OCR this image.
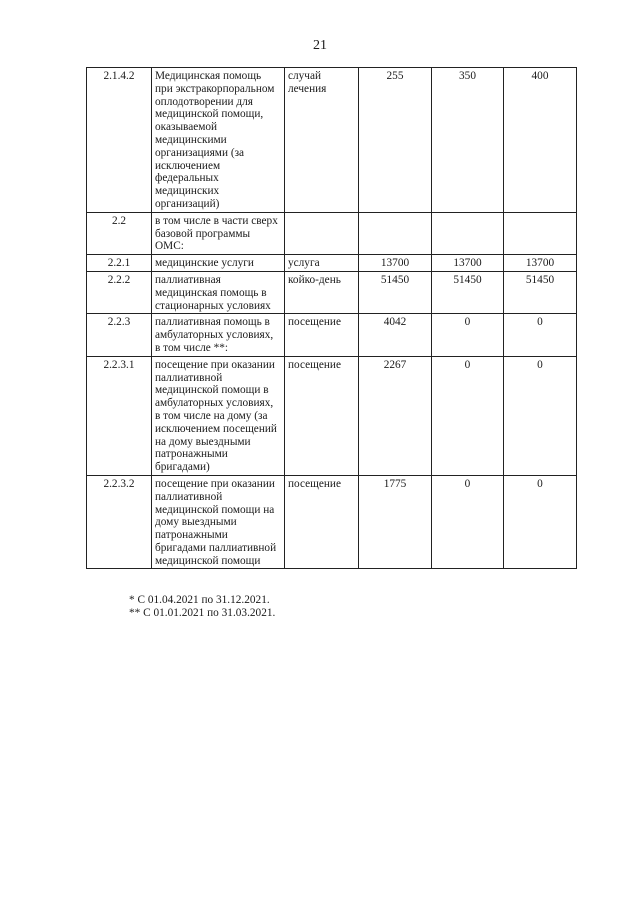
21
2.1.4.2	Медицинская помощь при экстракорпоральном оплодотворении для медицинской помощи, оказываемой медицинскими организациями (за исключением федеральных медицинских организаций)	случай лечения	255	350	400
2.2	в том числе в части сверх базовой программы ОМС:				
2.2.1	медицинские услуги	услуга	13700	13700	13700
2.2.2	паллиативная медицинская помощь в стационарных условиях	койко-день	51450	51450	51450
2.2.3	паллиативная помощь в амбулаторных условиях, в том числе **:	посещение	4042	0	0
2.2.3.1	посещение при оказании паллиативной медицинской помощи в амбулаторных условиях, в том числе на дому (за исключением посещений на дому выездными патронажными бригадами)	посещение	2267	0	0
2.2.3.2	посещение при оказании паллиативной медицинской помощи на дому выездными патронажными бригадами паллиативной медицинской помощи	посещение	1775	0	0
* С 01.04.2021 по 31.12.2021.
** С 01.01.2021 по 31.03.2021.
